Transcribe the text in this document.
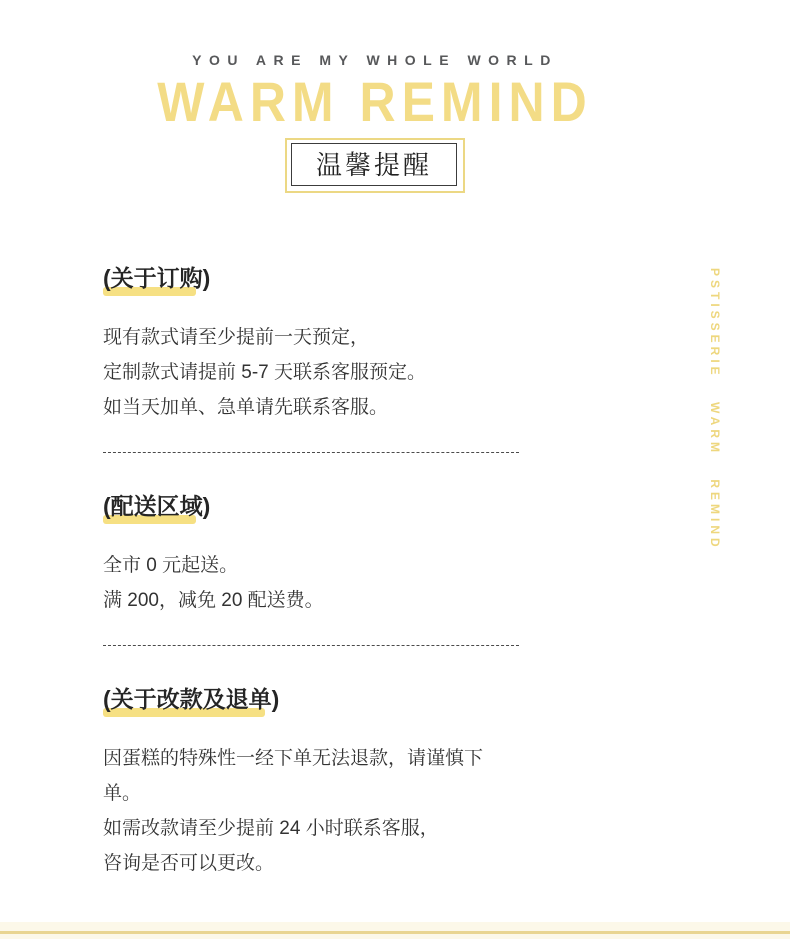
YOU ARE MY WHOLE WORLD
WARM REMIND
温馨提醒
(关于订购)

现有款式请至少提前一天预定，

定制款式请提前 5-7 天联系客服预定。

如当天加单、急单请先联系客服。

(配送区域)

全市 0 元起送。

满 200，减免 20 配送费。

(关于改款及退单)

因蛋糕的特殊性一经下单无法退款，请谨慎下单。

如需改款请至少提前 24 小时联系客服，

咨询是否可以更改。

PSTISSERIE WARM REMIND
